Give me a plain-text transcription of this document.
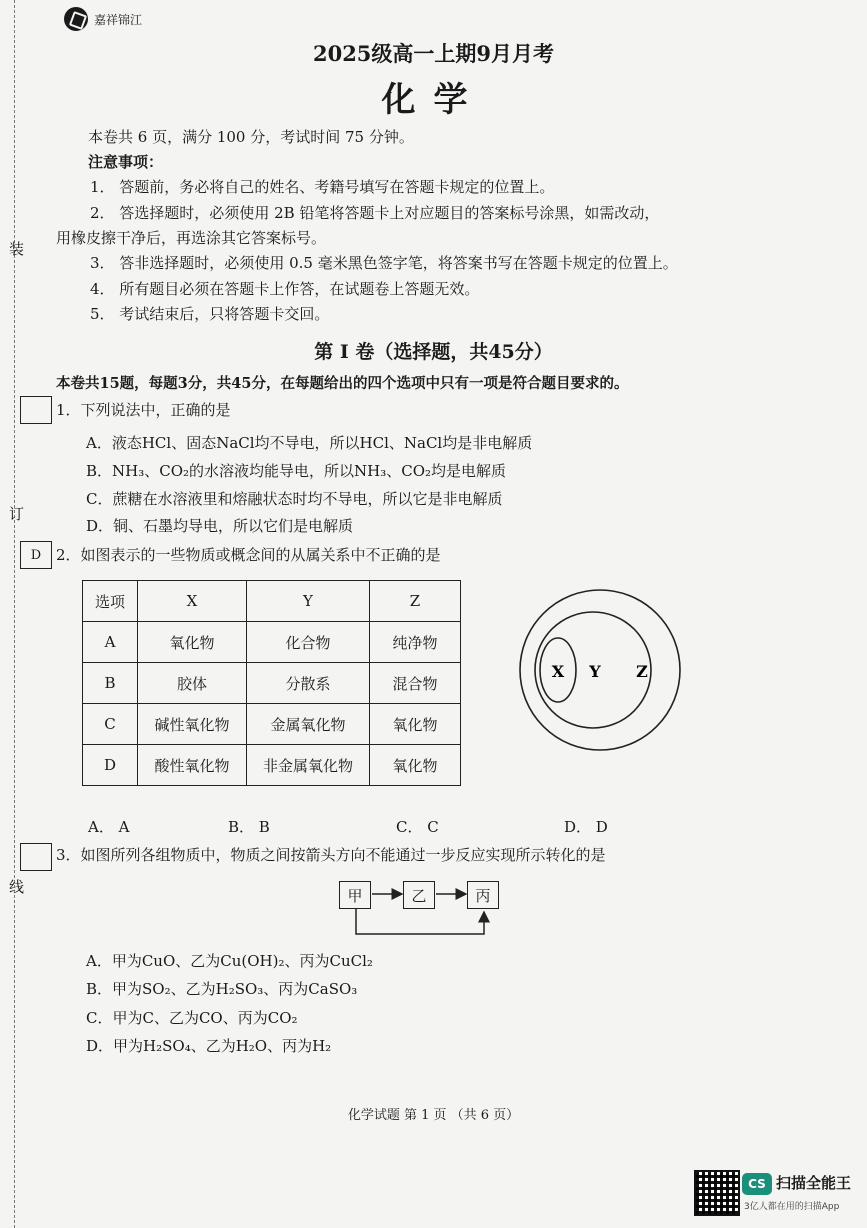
装
订
线
嘉祥锦江
2025级高一上期9月月考
化学
本卷共 6 页，满分 100 分，考试时间 75 分钟。
注意事项：
1． 答题前，务必将自己的姓名、考籍号填写在答题卡规定的位置上。
2． 答选择题时，必须使用 2B 铅笔将答题卡上对应题目的答案标号涂黑，如需改动，
用橡皮擦干净后，再选涂其它答案标号。
3． 答非选择题时，必须使用 0.5 毫米黑色签字笔，将答案书写在答题卡规定的位置上。
4． 所有题目必须在答题卡上作答，在试题卷上答题无效。
5． 考试结束后，只将答题卡交回。
第 I 卷（选择题，共45分）
本卷共15题，每题3分，共45分，在每题给出的四个选项中只有一项是符合题目要求的。
1．下列说法中，正确的是
A．液态HCl、固态NaCl均不导电，所以HCl、NaCl均是非电解质
B．NH₃、CO₂的水溶液均能导电，所以NH₃、CO₂均是电解质
C．蔗糖在水溶液里和熔融状态时均不导电，所以它是非电解质
D．铜、石墨均导电，所以它们是电解质
D 2．如图表示的一些物质或概念间的从属关系中不正确的是
选项	X	Y	Z
A	氧化物	化合物	纯净物
B	胶体	分散系	混合物
C	碱性氧化物	金属氧化物	氧化物
D	酸性氧化物	非金属氧化物	氧化物
X Y Z
A． A	B． B	C． C	D． D
3．如图所列各组物质中，物质之间按箭头方向不能通过一步反应实现所示转化的是
甲	乙	丙
A．甲为CuO、乙为Cu(OH)₂、丙为CuCl₂
B．甲为SO₂、乙为H₂SO₃、丙为CaSO₃
C．甲为C、乙为CO、丙为CO₂
D．甲为H₂SO₄、乙为H₂O、丙为H₂
化学试题 第 1 页 （共 6 页）
CS 扫描全能王
3亿人都在用的扫描App
